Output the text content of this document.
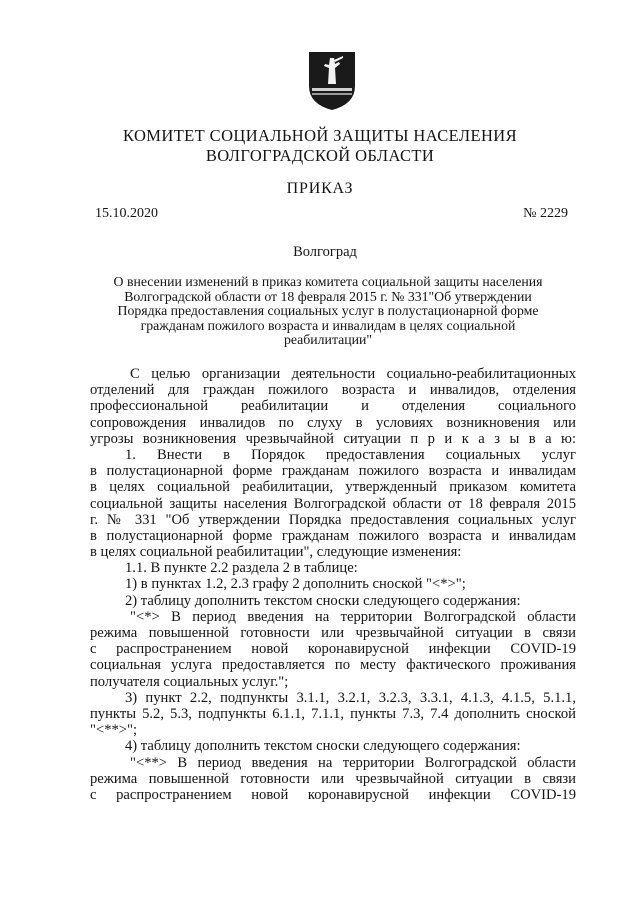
КОМИТЕТ СОЦИАЛЬНОЙ ЗАЩИТЫ НАСЕЛЕНИЯ
ВОЛГОГРАДСКОЙ ОБЛАСТИ
ПРИКАЗ
15.10.2020	№ 2229
Волгоград
О внесении изменений в приказ комитета социальной защиты населения
Волгоградской области от 18 февраля 2015 г. № 331"Об утверждении
Порядка предоставления социальных услуг в полустационарной форме
гражданам пожилого возраста и инвалидам в целях социальной
реабилитации"
С целью организации деятельности социально-реабилитационных
отделений для граждан пожилого возраста и инвалидов, отделения
профессиональной реабилитации и отделения социального
сопровождения инвалидов по слуху в условиях возникновения или
угрозы возникновения чрезвычайной ситуации п р и к а з ы в а ю:
1. Внести в Порядок предоставления социальных услуг
в полустационарной форме гражданам пожилого возраста и инвалидам
в целях социальной реабилитации, утвержденный приказом комитета
социальной защиты населения Волгоградской области от 18 февраля 2015
г. № 331 "Об утверждении Порядка предоставления социальных услуг
в полустационарной форме гражданам пожилого возраста и инвалидам
в целях социальной реабилитации", следующие изменения:
1.1. В пункте 2.2 раздела 2 в таблице:
1) в пунктах 1.2, 2.3 графу 2 дополнить сноской "<*>";
2) таблицу дополнить текстом сноски следующего содержания:
"<*> В период введения на территории Волгоградской области
режима повышенной готовности или чрезвычайной ситуации в связи
с распространением новой коронавирусной инфекции COVID-19
социальная услуга предоставляется по месту фактического проживания
получателя социальных услуг.";
3) пункт 2.2, подпункты 3.1.1, 3.2.1, 3.2.3, 3.3.1, 4.1.3, 4.1.5, 5.1.1,
пункты 5.2, 5.3, подпункты 6.1.1, 7.1.1, пункты 7.3, 7.4 дополнить сноской
"<**>";
4) таблицу дополнить текстом сноски следующего содержания:
"<**> В период введения на территории Волгоградской области
режима повышенной готовности или чрезвычайной ситуации в связи
с распространением новой коронавирусной инфекции COVID-19
